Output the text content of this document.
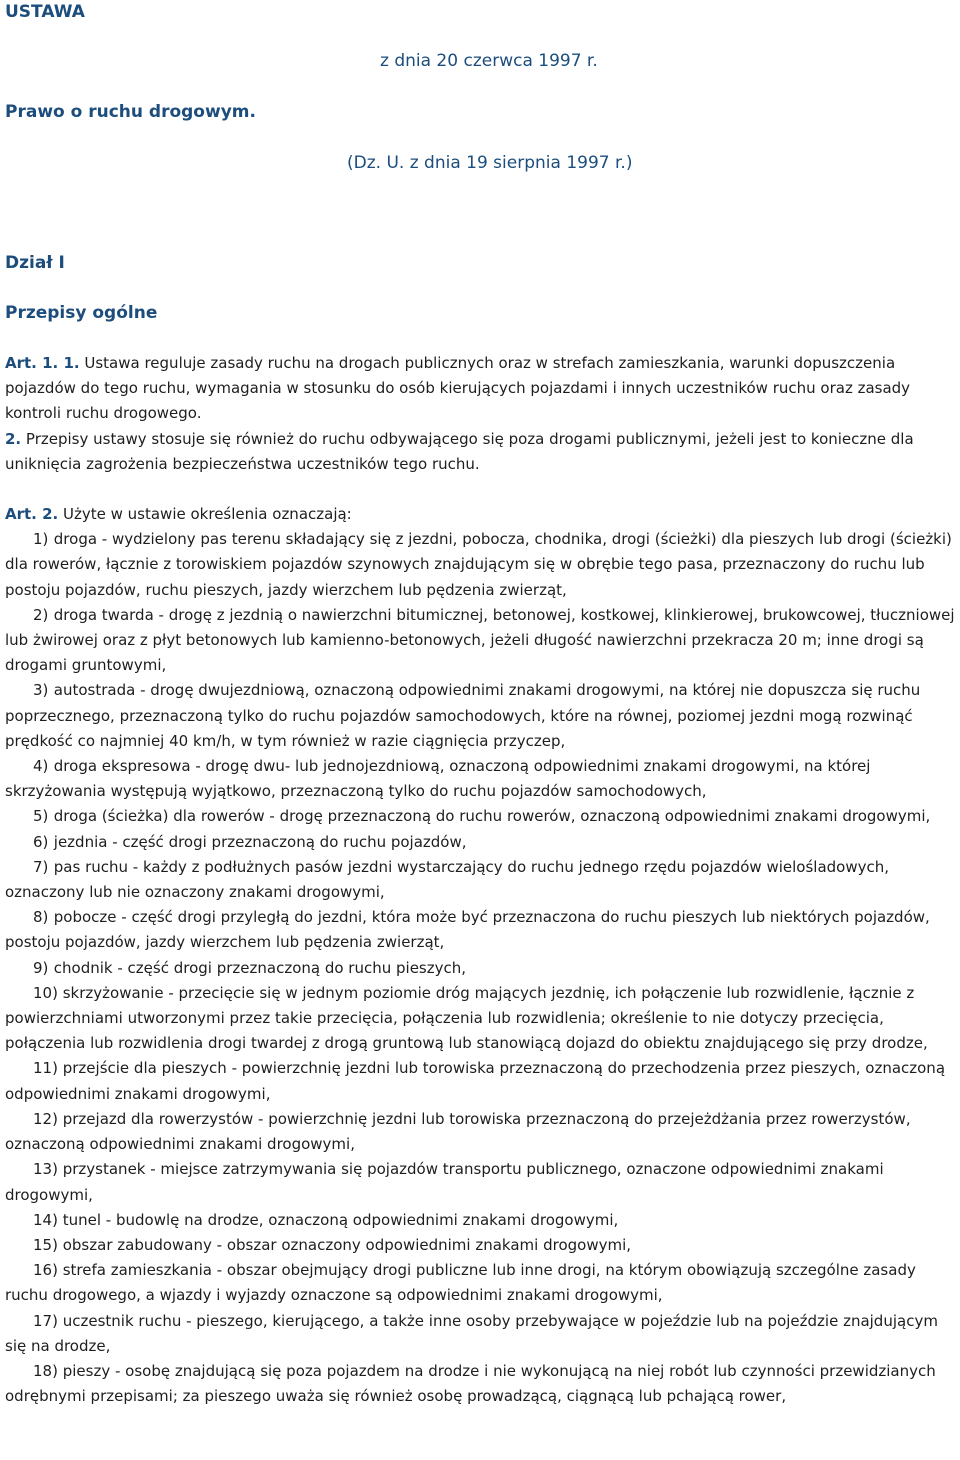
USTAWA
z dnia 20 czerwca 1997 r.
Prawo o ruchu drogowym.
(Dz. U. z dnia 19 sierpnia 1997 r.)
Dział I
Przepisy ogólne

Art. 1. 1. Ustawa reguluje zasady ruchu na drogach publicznych oraz w strefach zamieszkania, warunki dopuszczenia pojazdów do tego ruchu, wymagania w stosunku do osób kierujących pojazdami i innych uczestników ruchu oraz zasady kontroli ruchu drogowego.

2. Przepisy ustawy stosuje się również do ruchu odbywającego się poza drogami publicznymi, jeżeli jest to konieczne dla uniknięcia zagrożenia bezpieczeństwa uczestników tego ruchu.

Art. 2. Użyte w ustawie określenia oznaczają:

1) droga - wydzielony pas terenu składający się z jezdni, pobocza, chodnika, drogi (ścieżki) dla pieszych lub drogi (ścieżki) dla rowerów, łącznie z torowiskiem pojazdów szynowych znajdującym się w obrębie tego pasa, przeznaczony do ruchu lub postoju pojazdów, ruchu pieszych, jazdy wierzchem lub pędzenia zwierząt,

2) droga twarda - drogę z jezdnią o nawierzchni bitumicznej, betonowej, kostkowej, klinkierowej, brukowcowej, tłuczniowej lub żwirowej oraz z płyt betonowych lub kamienno-betonowych, jeżeli długość nawierzchni przekracza 20 m; inne drogi są drogami gruntowymi,

3) autostrada - drogę dwujezdniową, oznaczoną odpowiednimi znakami drogowymi, na której nie dopuszcza się ruchu poprzecznego, przeznaczoną tylko do ruchu pojazdów samochodowych, które na równej, poziomej jezdni mogą rozwinąć prędkość co najmniej 40 km/h, w tym również w razie ciągnięcia przyczep,

4) droga ekspresowa - drogę dwu- lub jednojezdniową, oznaczoną odpowiednimi znakami drogowymi, na której skrzyżowania występują wyjątkowo, przeznaczoną tylko do ruchu pojazdów samochodowych,

5) droga (ścieżka) dla rowerów - drogę przeznaczoną do ruchu rowerów, oznaczoną odpowiednimi znakami drogowymi,

6) jezdnia - część drogi przeznaczoną do ruchu pojazdów,

7) pas ruchu - każdy z podłużnych pasów jezdni wystarczający do ruchu jednego rzędu pojazdów wielośladowych, oznaczony lub nie oznaczony znakami drogowymi,

8) pobocze - część drogi przyległą do jezdni, która może być przeznaczona do ruchu pieszych lub niektórych pojazdów, postoju pojazdów, jazdy wierzchem lub pędzenia zwierząt,

9) chodnik - część drogi przeznaczoną do ruchu pieszych,

10) skrzyżowanie - przecięcie się w jednym poziomie dróg mających jezdnię, ich połączenie lub rozwidlenie, łącznie z powierzchniami utworzonymi przez takie przecięcia, połączenia lub rozwidlenia; określenie to nie dotyczy przecięcia, połączenia lub rozwidlenia drogi twardej z drogą gruntową lub stanowiącą dojazd do obiektu znajdującego się przy drodze,

11) przejście dla pieszych - powierzchnię jezdni lub torowiska przeznaczoną do przechodzenia przez pieszych, oznaczoną odpowiednimi znakami drogowymi,

12) przejazd dla rowerzystów - powierzchnię jezdni lub torowiska przeznaczoną do przejeżdżania przez rowerzystów, oznaczoną odpowiednimi znakami drogowymi,

13) przystanek - miejsce zatrzymywania się pojazdów transportu publicznego, oznaczone odpowiednimi znakami drogowymi,

14) tunel - budowlę na drodze, oznaczoną odpowiednimi znakami drogowymi,

15) obszar zabudowany - obszar oznaczony odpowiednimi znakami drogowymi,

16) strefa zamieszkania - obszar obejmujący drogi publiczne lub inne drogi, na którym obowiązują szczególne zasady ruchu drogowego, a wjazdy i wyjazdy oznaczone są odpowiednimi znakami drogowymi,

17) uczestnik ruchu - pieszego, kierującego, a także inne osoby przebywające w pojeździe lub na pojeździe znajdującym się na drodze,

18) pieszy - osobę znajdującą się poza pojazdem na drodze i nie wykonującą na niej robót lub czynności przewidzianych odrębnymi przepisami; za pieszego uważa się również osobę prowadzącą, ciągnącą lub pchającą rower,
